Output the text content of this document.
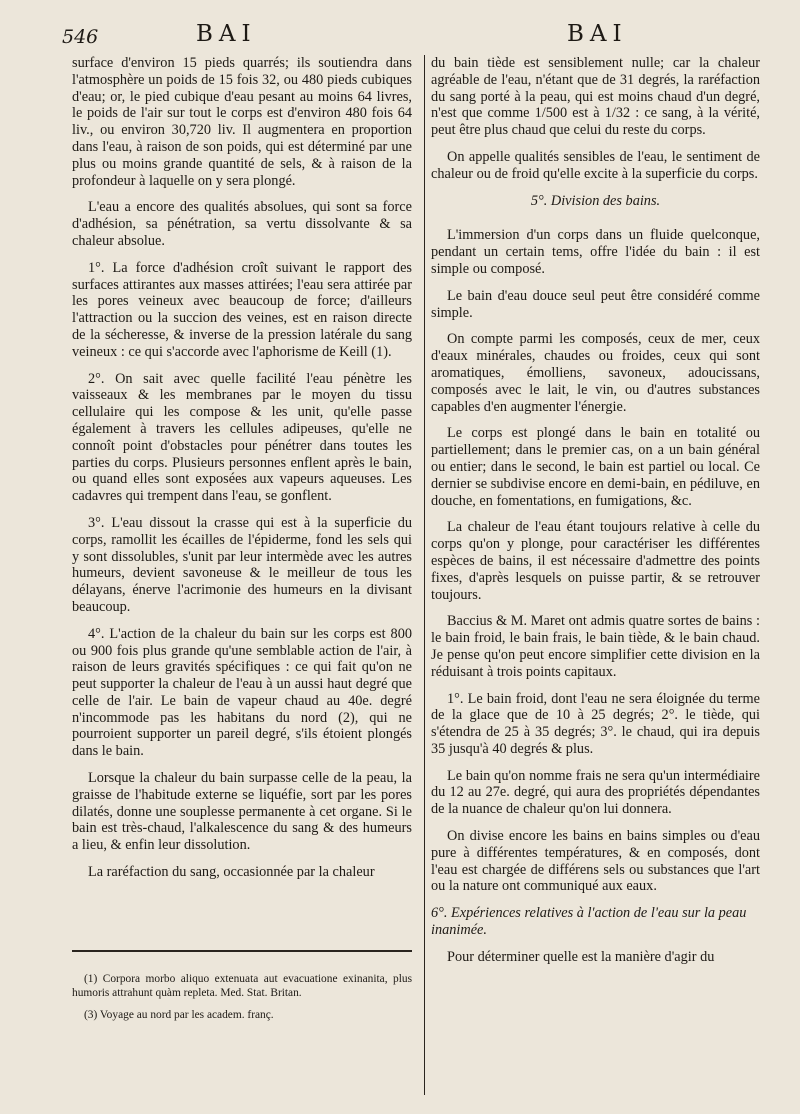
546	BAI	BAI

surface d'environ 15 pieds quarrés; ils soutiendra dans l'atmosphère un poids de 15 fois 32, ou 480 pieds cubiques d'eau; or, le pied cubique d'eau pesant au moins 64 livres, le poids de l'air sur tout le corps est d'environ 480 fois 64 liv., ou environ 30,720 liv. Il augmentera en proportion dans l'eau, à raison de son poids, qui est déterminé par une plus ou moins grande quantité de sels, & à raison de la profondeur à laquelle on y sera plongé.

L'eau a encore des qualités absolues, qui sont sa force d'adhésion, sa pénétration, sa vertu dissolvante & sa chaleur absolue.

1°. La force d'adhésion croît suivant le rapport des surfaces attirantes aux masses attirées; l'eau sera attirée par les pores veineux avec beaucoup de force; d'ailleurs l'attraction ou la succion des veines, est en raison directe de la sécheresse, & inverse de la pression latérale du sang veineux : ce qui s'accorde avec l'aphorisme de Keill (1).

2°. On sait avec quelle facilité l'eau pénètre les vaisseaux & les membranes par le moyen du tissu cellulaire qui les compose & les unit, qu'elle passe également à travers les cellules adipeuses, qu'elle ne connoît point d'obstacles pour pénétrer dans toutes les parties du corps. Plusieurs personnes enflent après le bain, ou quand elles sont exposées aux vapeurs aqueuses. Les cadavres qui trempent dans l'eau, se gonflent.

3°. L'eau dissout la crasse qui est à la superficie du corps, ramollit les écailles de l'épiderme, fond les sels qui y sont dissolubles, s'unit par leur intermède avec les autres humeurs, devient savoneuse & le meilleur de tous les délayans, énerve l'acrimonie des humeurs en la divisant beaucoup.

4°. L'action de la chaleur du bain sur les corps est 800 ou 900 fois plus grande qu'une semblable action de l'air, à raison de leurs gravités spécifiques : ce qui fait qu'on ne peut supporter la chaleur de l'eau à un aussi haut degré que celle de l'air. Le bain de vapeur chaud au 40e. degré n'incommode pas les habitans du nord (2), qui ne pourroient supporter un pareil degré, s'ils étoient plongés dans le bain.

Lorsque la chaleur du bain surpasse celle de la peau, la graisse de l'habitude externe se liquéfie, sort par les pores dilatés, donne une souplesse permanente à cet organe. Si le bain est très-chaud, l'alkalescence du sang & des humeurs a lieu, & enfin leur dissolution.

La raréfaction du sang, occasionnée par la chaleur

du bain tiède est sensiblement nulle; car la chaleur agréable de l'eau, n'étant que de 31 degrés, la raréfaction du sang porté à la peau, qui est moins chaud d'un degré, n'est que comme 1/500 est à 1/32 : ce sang, à la vérité, peut être plus chaud que celui du reste du corps.

On appelle qualités sensibles de l'eau, le sentiment de chaleur ou de froid qu'elle excite à la superficie du corps.

5°. Division des bains.

L'immersion d'un corps dans un fluide quelconque, pendant un certain tems, offre l'idée du bain : il est simple ou composé.

Le bain d'eau douce seul peut être considéré comme simple.

On compte parmi les composés, ceux de mer, ceux d'eaux minérales, chaudes ou froides, ceux qui sont aromatiques, émolliens, savoneux, adoucissans, composés avec le lait, le vin, ou d'autres substances capables d'en augmenter l'énergie.

Le corps est plongé dans le bain en totalité ou partiellement; dans le premier cas, on a un bain général ou entier; dans le second, le bain est partiel ou local. Ce dernier se subdivise encore en demi-bain, en pédiluve, en douche, en fomentations, en fumigations, &c.

La chaleur de l'eau étant toujours relative à celle du corps qu'on y plonge, pour caractériser les différentes espèces de bains, il est nécessaire d'admettre des points fixes, d'après lesquels on puisse partir, & se retrouver toujours.

Baccius & M. Maret ont admis quatre sortes de bains : le bain froid, le bain frais, le bain tiède, & le bain chaud. Je pense qu'on peut encore simplifier cette division en la réduisant à trois points capitaux.

1°. Le bain froid, dont l'eau ne sera éloignée du terme de la glace que de 10 à 25 degrés; 2°. le tiède, qui s'étendra de 25 à 35 degrés; 3°. le chaud, qui ira depuis 35 jusqu'à 40 degrés & plus.

Le bain qu'on nomme frais ne sera qu'un intermédiaire du 12 au 27e. degré, qui aura des propriétés dépendantes de la nuance de chaleur qu'on lui donnera.

On divise encore les bains en bains simples ou d'eau pure à différentes températures, & en composés, dont l'eau est chargée de différens sels ou substances que l'art ou la nature ont communiqué aux eaux.

6°. Expériences relatives à l'action de l'eau sur la peau inanimée.

Pour déterminer quelle est la manière d'agir du

(1) Corpora morbo aliquo extenuata aut evacuatione exinanita, plus humoris attrahunt quàm repleta. Med. Stat. Britan.

(3) Voyage au nord par les academ. franç.
